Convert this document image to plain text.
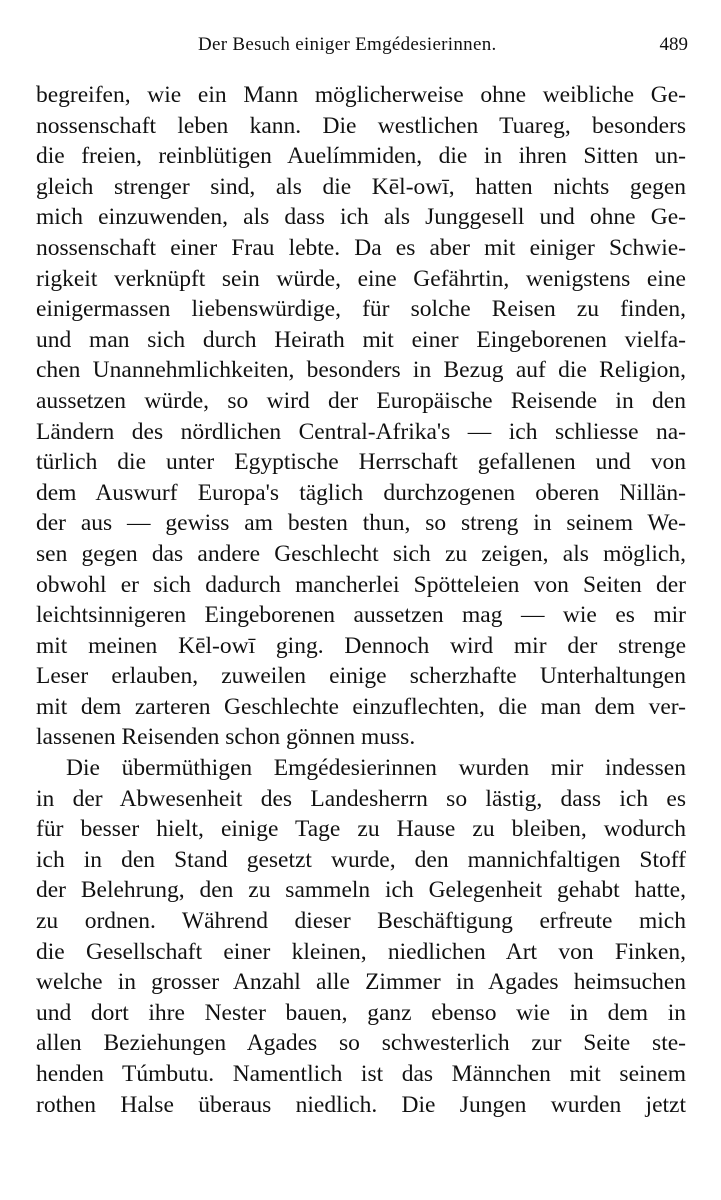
Der Besuch einiger Emgédesierinnen.	489
begreifen, wie ein Mann möglicherweise ohne weibliche Ge-
nossenschaft leben kann. Die westlichen Tuareg, besonders
die freien, reinblütigen Auelímmiden, die in ihren Sitten un-
gleich strenger sind, als die Kēl-owī, hatten nichts gegen
mich einzuwenden, als dass ich als Junggesell und ohne Ge-
nossenschaft einer Frau lebte. Da es aber mit einiger Schwie-
rigkeit verknüpft sein würde, eine Gefährtin, wenigstens eine
einigermassen liebenswürdige, für solche Reisen zu finden,
und man sich durch Heirath mit einer Eingeborenen vielfa-
chen Unannehmlichkeiten, besonders in Bezug auf die Religion,
aussetzen würde, so wird der Europäische Reisende in den
Ländern des nördlichen Central-Afrika's — ich schliesse na-
türlich die unter Egyptische Herrschaft gefallenen und von
dem Auswurf Europa's täglich durchzogenen oberen Nillän-
der aus — gewiss am besten thun, so streng in seinem We-
sen gegen das andere Geschlecht sich zu zeigen, als möglich,
obwohl er sich dadurch mancherlei Spötteleien von Seiten der
leichtsinnigeren Eingeborenen aussetzen mag — wie es mir
mit meinen Kēl-owī ging. Dennoch wird mir der strenge
Leser erlauben, zuweilen einige scherzhafte Unterhaltungen
mit dem zarteren Geschlechte einzuflechten, die man dem ver-
lassenen Reisenden schon gönnen muss.
Die übermüthigen Emgédesierinnen wurden mir indessen
in der Abwesenheit des Landesherrn so lästig, dass ich es
für besser hielt, einige Tage zu Hause zu bleiben, wodurch
ich in den Stand gesetzt wurde, den mannichfaltigen Stoff
der Belehrung, den zu sammeln ich Gelegenheit gehabt hatte,
zu ordnen. Während dieser Beschäftigung erfreute mich
die Gesellschaft einer kleinen, niedlichen Art von Finken,
welche in grosser Anzahl alle Zimmer in Agades heimsuchen
und dort ihre Nester bauen, ganz ebenso wie in dem in
allen Beziehungen Agades so schwesterlich zur Seite ste-
henden Túmbutu. Namentlich ist das Männchen mit seinem
rothen Halse überaus niedlich. Die Jungen wurden jetzt
